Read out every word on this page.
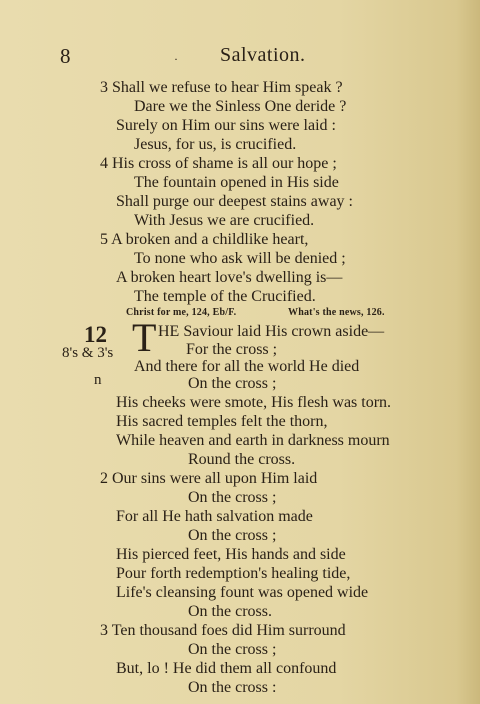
8	· Salvation.
3 Shall we refuse to hear Him speak ?
Dare we the Sinless One deride ?
Surely on Him our sins were laid :
Jesus, for us, is crucified.
4 His cross of shame is all our hope ;
The fountain opened in His side
Shall purge our deepest stains away :
With Jesus we are crucified.
5 A broken and a childlike heart,
To none who ask will be denied ;
A broken heart love's dwelling is—
The temple of the Crucified.
Christ for me, 124, Eb/F.	What's the news, 126.
12
8's & 3's
n
T HE Saviour laid His crown aside—
For the cross ;
And there for all the world He died
On the cross ;
His cheeks were smote, His flesh was torn.
His sacred temples felt the thorn,
While heaven and earth in darkness mourn
Round the cross.
2 Our sins were all upon Him laid
On the cross ;
For all He hath salvation made
On the cross ;
His pierced feet, His hands and side
Pour forth redemption's healing tide,
Life's cleansing fount was opened wide
On the cross.
3 Ten thousand foes did Him surround
On the cross ;
But, lo ! He did them all confound
On the cross :
